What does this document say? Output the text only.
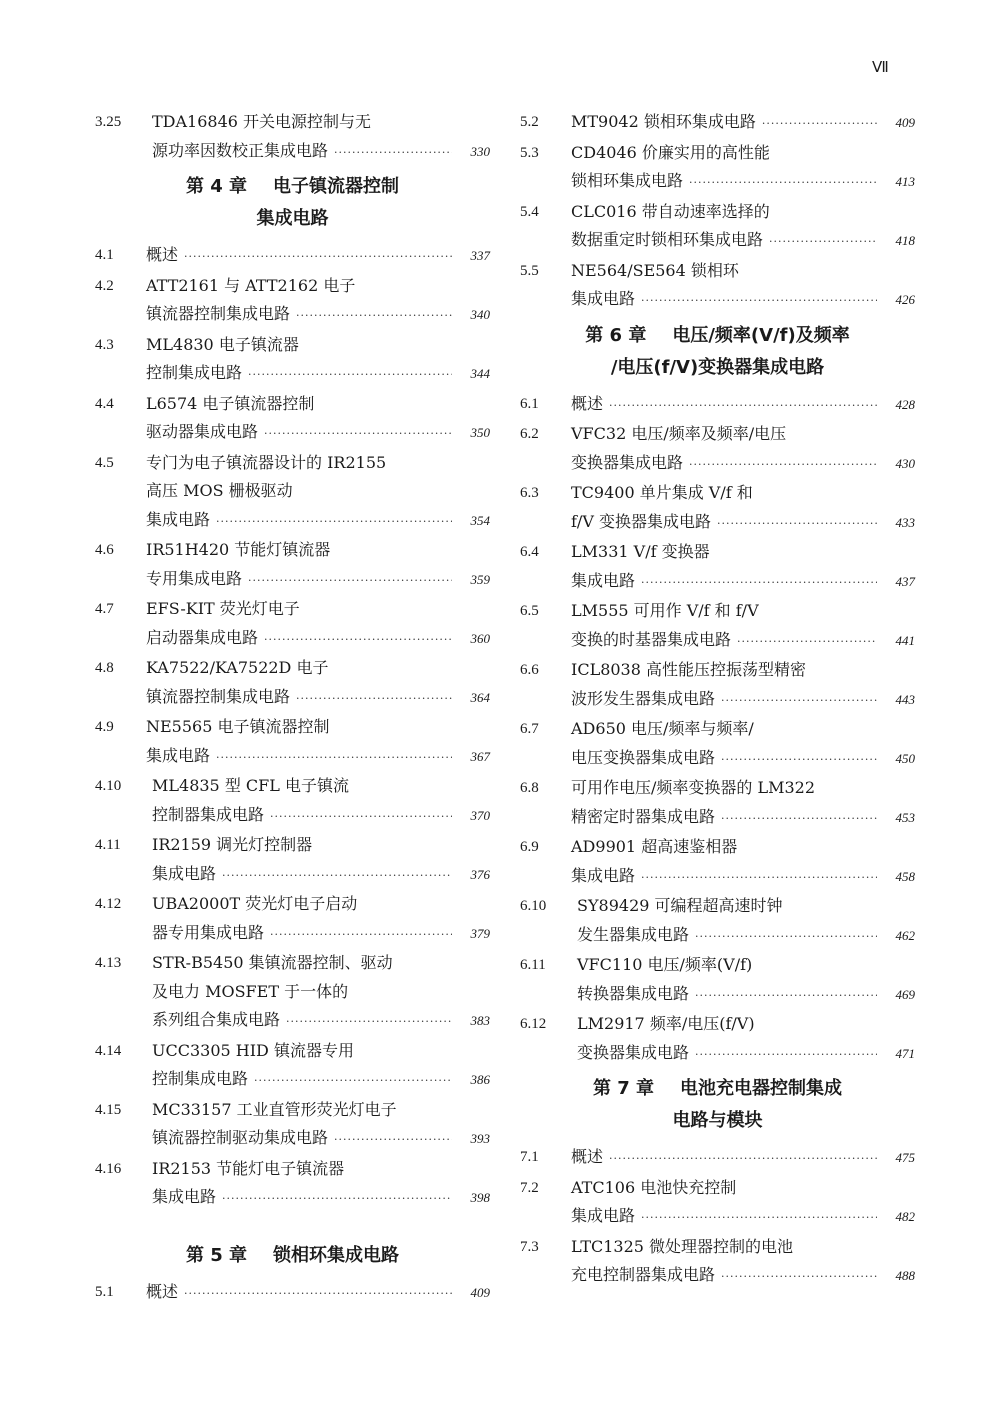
Ⅶ
3.25 TDA16846 开关电源控制与无
源功率因数校正集成电路 ·····	330
第 4 章 电子镇流器控制
集成电路
4.1 概述 ·····	337
4.2 ATT2161 与 ATT2162 电子
镇流器控制集成电路 ·····	340
4.3 ML4830 电子镇流器
控制集成电路 ·····	344
4.4 L6574 电子镇流器控制
驱动器集成电路 ·····	350
4.5 专门为电子镇流器设计的 IR2155
高压 MOS 栅极驱动
集成电路 ·····	354
4.6 IR51H420 节能灯镇流器
专用集成电路 ·····	359
4.7 EFS-KIT 荧光灯电子
启动器集成电路 ·····	360
4.8 KA7522/KA7522D 电子
镇流器控制集成电路 ·····	364
4.9 NE5565 电子镇流器控制
集成电路 ·····	367
4.10 ML4835 型 CFL 电子镇流
控制器集成电路 ·····	370
4.11 IR2159 调光灯控制器
集成电路 ·····	376
4.12 UBA2000T 荧光灯电子启动
器专用集成电路 ·····	379
4.13 STR-B5450 集镇流器控制、驱动
及电力 MOSFET 于一体的
系列组合集成电路 ·····	383
4.14 UCC3305 HID 镇流器专用
控制集成电路 ·····	386
4.15 MC33157 工业直管形荧光灯电子
镇流器控制驱动集成电路 ·····	393
4.16 IR2153 节能灯电子镇流器
集成电路 ·····	398
第 5 章 锁相环集成电路
5.1 概述 ·····	409
5.2 MT9042 锁相环集成电路 ·····	409
5.3 CD4046 价廉实用的高性能
锁相环集成电路 ·····	413
5.4 CLC016 带自动速率选择的
数据重定时锁相环集成电路 ·····	418
5.5 NE564/SE564 锁相环
集成电路 ·····	426
第 6 章 电压/频率(V/f)及频率
/电压(f/V)变换器集成电路
6.1 概述 ·····	428
6.2 VFC32 电压/频率及频率/电压
变换器集成电路 ·····	430
6.3 TC9400 单片集成 V/f 和
f/V 变换器集成电路 ·····	433
6.4 LM331 V/f 变换器
集成电路 ·····	437
6.5 LM555 可用作 V/f 和 f/V
变换的时基器集成电路 ·····	441
6.6 ICL8038 高性能压控振荡型精密
波形发生器集成电路 ·····	443
6.7 AD650 电压/频率与频率/
电压变换器集成电路 ·····	450
6.8 可用作电压/频率变换器的 LM322
精密定时器集成电路 ·····	453
6.9 AD9901 超高速鉴相器
集成电路 ·····	458
6.10 SY89429 可编程超高速时钟
发生器集成电路 ·····	462
6.11 VFC110 电压/频率(V/f)
转换器集成电路 ·····	469
6.12 LM2917 频率/电压(f/V)
变换器集成电路 ·····	471
第 7 章 电池充电器控制集成
电路与模块
7.1 概述 ·····	475
7.2 ATC106 电池快充控制
集成电路 ·····	482
7.3 LTC1325 微处理器控制的电池
充电控制器集成电路 ·····	488
